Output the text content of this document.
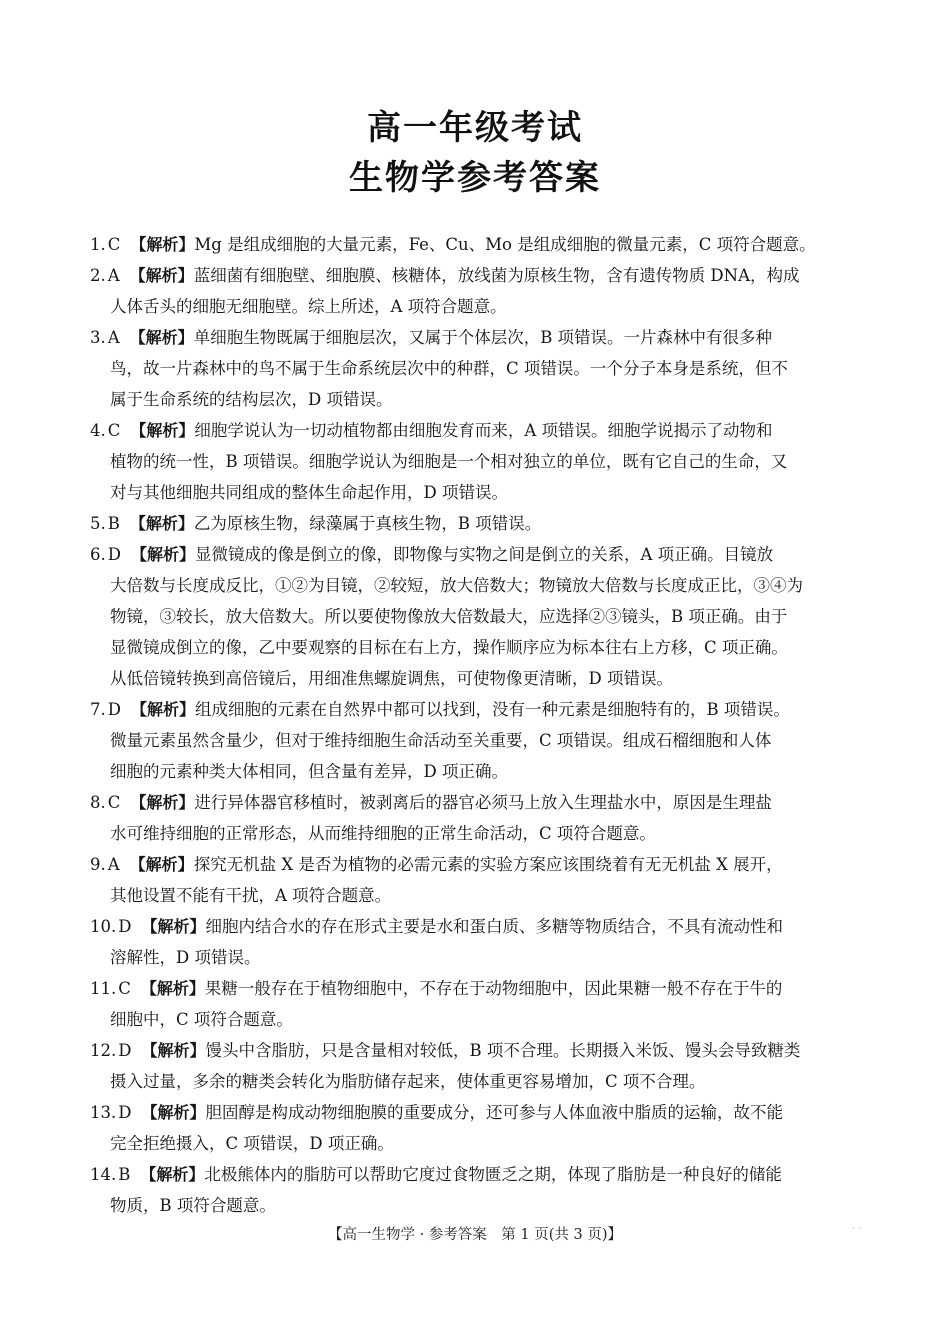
高一年级考试
生物学参考答案
1. C 【解析】Mg 是组成细胞的大量元素，Fe、Cu、Mo 是组成细胞的微量元素，C 项符合题意。
2. A 【解析】蓝细菌有细胞壁、细胞膜、核糖体，放线菌为原核生物，含有遗传物质 DNA，构成
人体舌头的细胞无细胞壁。综上所述，A 项符合题意。
3. A 【解析】单细胞生物既属于细胞层次，又属于个体层次，B 项错误。一片森林中有很多种
鸟，故一片森林中的鸟不属于生命系统层次中的种群，C 项错误。一个分子本身是系统，但不
属于生命系统的结构层次，D 项错误。
4. C 【解析】细胞学说认为一切动植物都由细胞发育而来，A 项错误。细胞学说揭示了动物和
植物的统一性，B 项错误。细胞学说认为细胞是一个相对独立的单位，既有它自己的生命，又
对与其他细胞共同组成的整体生命起作用，D 项错误。
5. B 【解析】乙为原核生物，绿藻属于真核生物，B 项错误。
6. D 【解析】显微镜成的像是倒立的像，即物像与实物之间是倒立的关系，A 项正确。目镜放
大倍数与长度成反比，①②为目镜，②较短，放大倍数大；物镜放大倍数与长度成正比，③④为
物镜，③较长，放大倍数大。所以要使物像放大倍数最大，应选择②③镜头，B 项正确。由于
显微镜成倒立的像，乙中要观察的目标在右上方，操作顺序应为标本往右上方移，C 项正确。
从低倍镜转换到高倍镜后，用细准焦螺旋调焦，可使物像更清晰，D 项错误。
7. D 【解析】组成细胞的元素在自然界中都可以找到，没有一种元素是细胞特有的，B 项错误。
微量元素虽然含量少，但对于维持细胞生命活动至关重要，C 项错误。组成石榴细胞和人体
细胞的元素种类大体相同，但含量有差异，D 项正确。
8. C 【解析】进行异体器官移植时，被剥离后的器官必须马上放入生理盐水中，原因是生理盐
水可维持细胞的正常形态，从而维持细胞的正常生命活动，C 项符合题意。
9. A 【解析】探究无机盐 X 是否为植物的必需元素的实验方案应该围绕着有无无机盐 X 展开，
其他设置不能有干扰，A 项符合题意。
10. D 【解析】细胞内结合水的存在形式主要是水和蛋白质、多糖等物质结合，不具有流动性和
溶解性，D 项错误。
11. C 【解析】果糖一般存在于植物细胞中，不存在于动物细胞中，因此果糖一般不存在于牛的
细胞中，C 项符合题意。
12. D 【解析】馒头中含脂肪，只是含量相对较低，B 项不合理。长期摄入米饭、馒头会导致糖类
摄入过量，多余的糖类会转化为脂肪储存起来，使体重更容易增加，C 项不合理。
13. D 【解析】胆固醇是构成动物细胞膜的重要成分，还可参与人体血液中脂质的运输，故不能
完全拒绝摄入，C 项错误，D 项正确。
14. B 【解析】北极熊体内的脂肪可以帮助它度过食物匮乏之期，体现了脂肪是一种良好的储能
物质，B 项符合题意。
【高一生物学 · 参考答案　第 1 页(共 3 页)】	· ·
